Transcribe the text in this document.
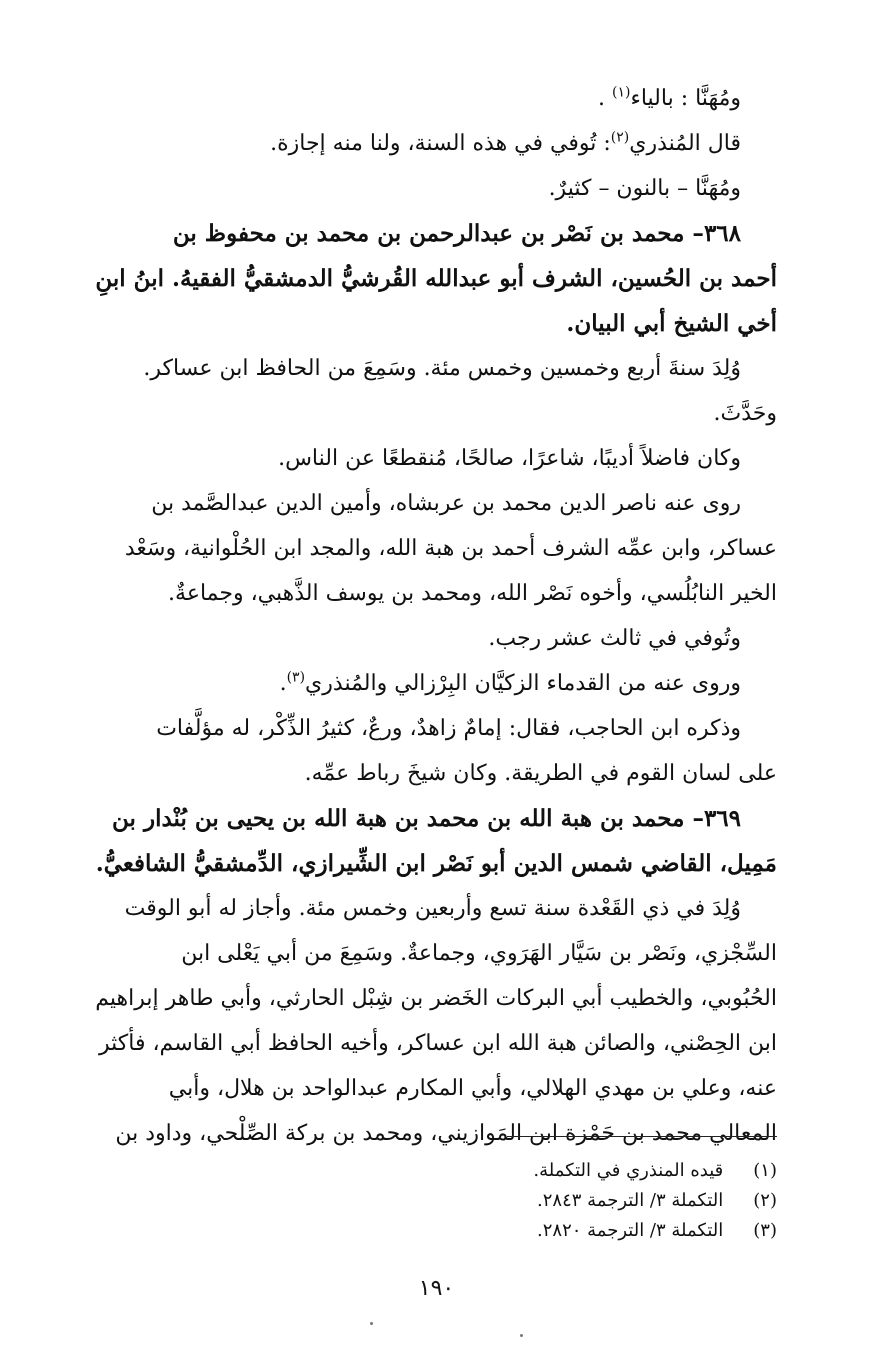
ومُهَنَّا : بالياء$^{(١)}$ .
قال المُنذري$^{(٢)}$: تُوفي في هذه السنة، ولنا منه إجازة.
ومُهَنَّا – بالنون – كثيرٌ.
٣٦٨– محمد بن نَصْر بن عبدالرحمن بن محمد بن محفوظ بن
أحمد بن الحُسين، الشرف أبو عبدالله القُرشيُّ الدمشقيُّ الفقيهُ. ابنُ ابنِ
أخي الشيخ أبي البيان.
وُلِدَ سنةَ أربع وخمسين وخمس مئة. وسَمِعَ من الحافظ ابن عساكر.
وحَدَّثَ.
وكان فاضلاً أديبًا، شاعرًا، صالحًا، مُنقطعًا عن الناس.
روى عنه ناصر الدين محمد بن عربشاه، وأمين الدين عبدالصَّمد بن
عساكر، وابن عمِّه الشرف أحمد بن هبة الله، والمجد ابن الحُلْوانية، وسَعْد
الخير النابُلُسي، وأخوه نَصْر الله، ومحمد بن يوسف الذَّهبي، وجماعةٌ.
وتُوفي في ثالث عشر رجب.
وروى عنه من القدماء الزكيَّان البِرْزالي والمُنذري$^{(٣)}$.
وذكره ابن الحاجب، فقال: إمامٌ زاهدٌ، ورعٌ، كثيرُ الذِّكْر، له مؤلَّفات
على لسان القوم في الطريقة. وكان شيخَ رباط عمِّه.
٣٦٩– محمد بن هبة الله بن محمد بن هبة الله بن يحيى بن بُنْدار بن
مَمِيل، القاضي شمس الدين أبو نَصْر ابن الشِّيرازي، الدِّمشقيُّ الشافعيُّ.
وُلِدَ في ذي القَعْدة سنة تسع وأربعين وخمس مئة. وأجاز له أبو الوقت
السِّجْزي، ونَصْر بن سَيَّار الهَرَوي، وجماعةٌ. وسَمِعَ من أبي يَعْلى ابن
الحُبُوبي، والخطيب أبي البركات الخَضر بن شِبْل الحارثي، وأبي طاهر إبراهيم
ابن الحِصْني، والصائن هبة الله ابن عساكر، وأخيه الحافظ أبي القاسم، فأكثر
عنه، وعلي بن مهدي الهلالي، وأبي المكارم عبدالواحد بن هلال، وأبي
المعالي محمد بن حَمْزة ابن المَوازيني، ومحمد بن بركة الصِّلْحي، وداود بن
(١) قيده المنذري في التكملة.
(٢) التكملة ٣/ الترجمة ٢٨٤٣.
(٣) التكملة ٣/ الترجمة ٢٨٢٠.
١٩٠
